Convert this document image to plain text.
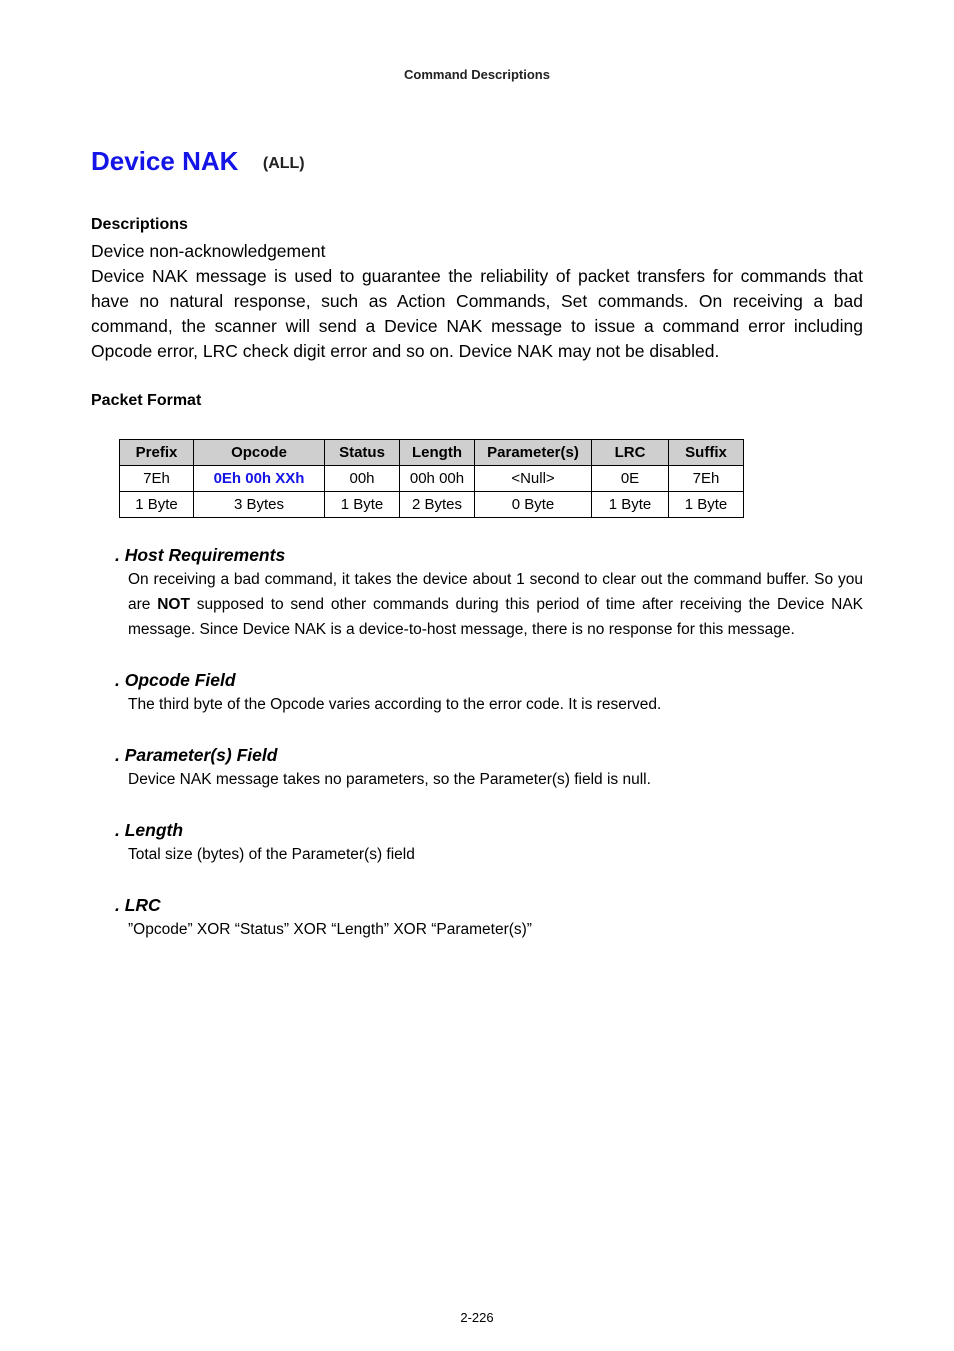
Command Descriptions
Device NAK (ALL)
Descriptions

Device non-acknowledgement

Device NAK message is used to guarantee the reliability of packet transfers for commands that have no natural response, such as Action Commands, Set commands. On receiving a bad command, the scanner will send a Device NAK message to issue a command error including Opcode error, LRC check digit error and so on. Device NAK may not be disabled.

Packet Format
Prefix	Opcode	Status	Length	Parameter(s)	LRC	Suffix
7Eh	0Eh 00h XXh	00h	00h 00h	<Null>	0E	7Eh
1 Byte	3 Bytes	1 Byte	2 Bytes	0 Byte	1 Byte	1 Byte
. Host Requirements
On receiving a bad command, it takes the device about 1 second to clear out the command buffer. So you are NOT supposed to send other commands during this period of time after receiving the Device NAK message. Since Device NAK is a device-to-host message, there is no response for this message.
. Opcode Field
The third byte of the Opcode varies according to the error code. It is reserved.
. Parameter(s) Field
Device NAK message takes no parameters, so the Parameter(s) field is null.
. Length
Total size (bytes) of the Parameter(s) field
. LRC
”Opcode” XOR “Status” XOR “Length” XOR “Parameter(s)”
2-226
